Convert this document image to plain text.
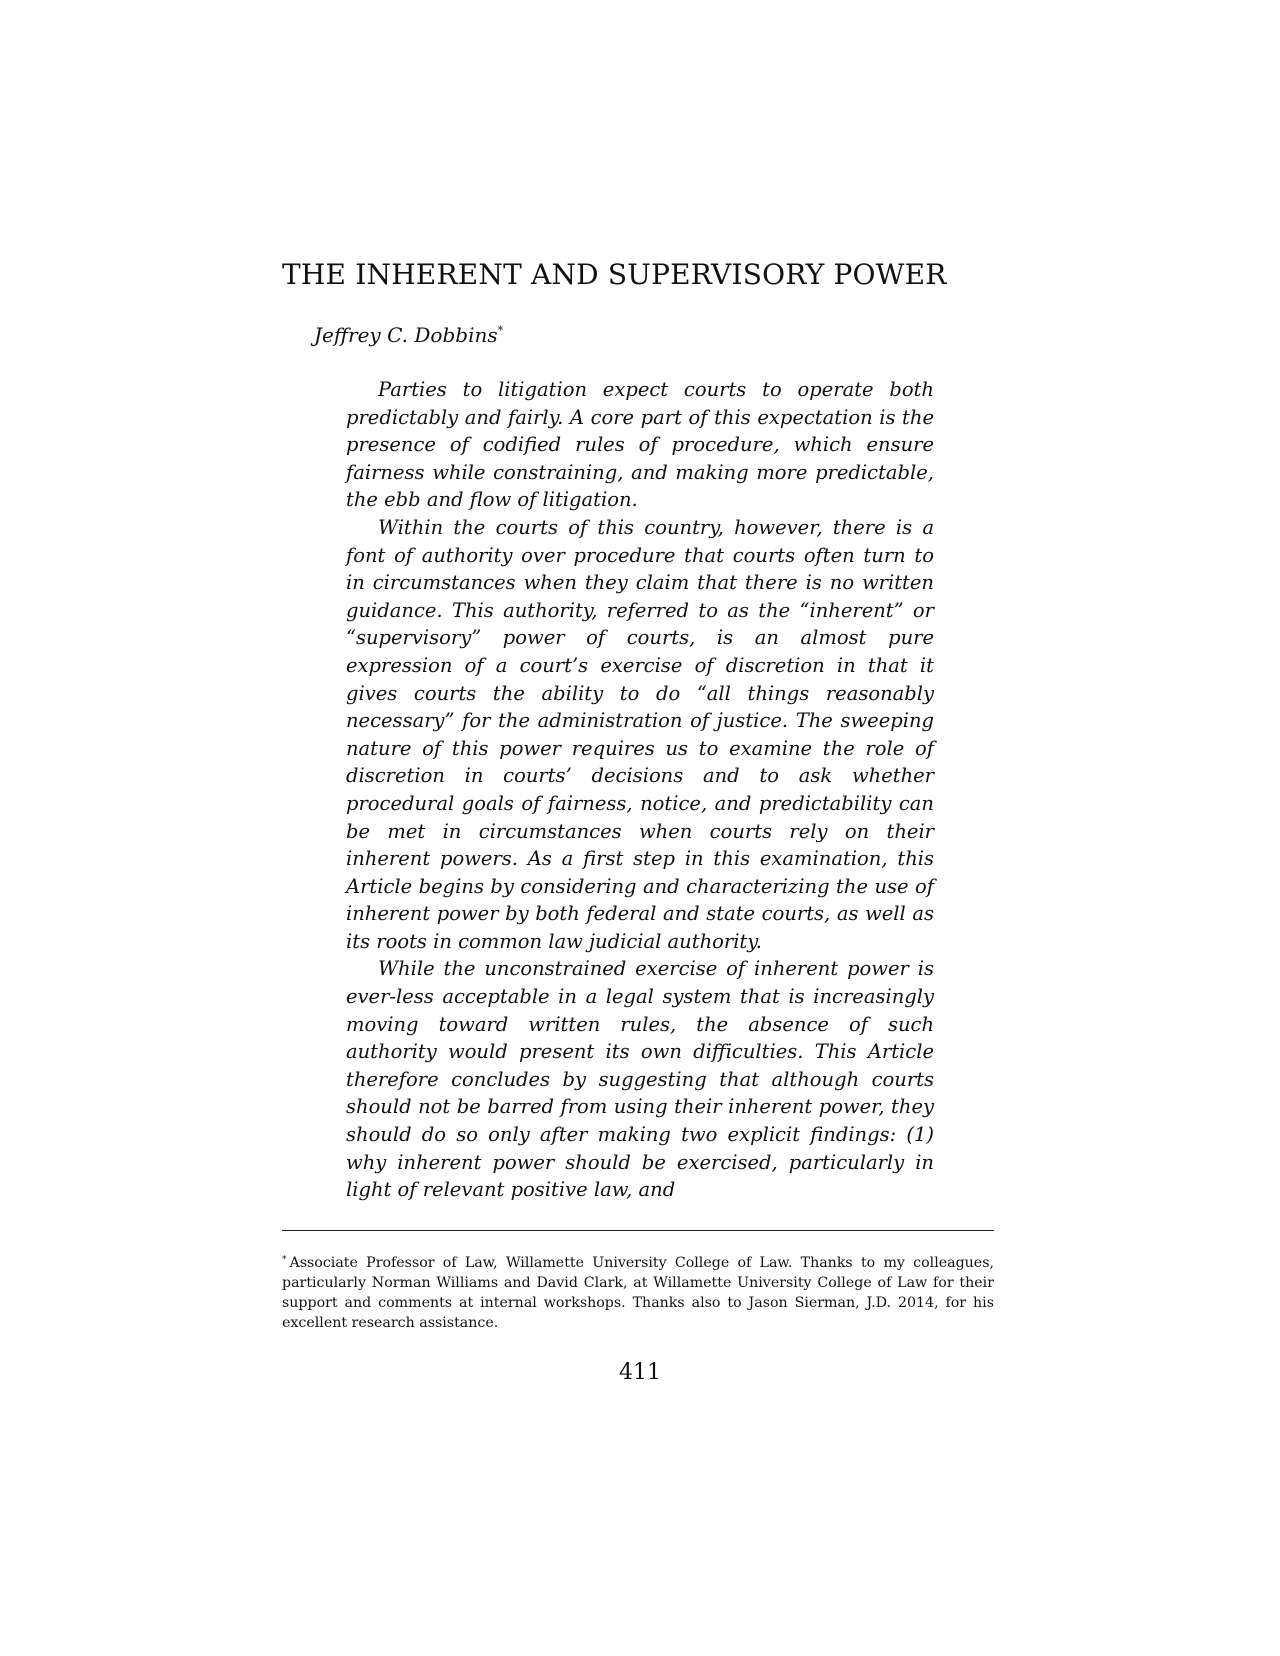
THE INHERENT AND SUPERVISORY POWER

Jeffrey C. Dobbins*

Parties to litigation expect courts to operate both predictably and fairly. A core part of this expectation is the presence of codified rules of procedure, which ensure fairness while constraining, and making more predictable, the ebb and flow of litigation.

Within the courts of this country, however, there is a font of authority over procedure that courts often turn to in circumstances when they claim that there is no written guidance. This authority, referred to as the “inherent” or “supervisory” power of courts, is an almost pure expression of a court’s exercise of discretion in that it gives courts the ability to do “all things reasonably necessary” for the administration of justice. The sweeping nature of this power requires us to examine the role of discretion in courts’ decisions and to ask whether procedural goals of fairness, notice, and predictability can be met in circumstances when courts rely on their inherent powers. As a first step in this examination, this Article begins by considering and characterizing the use of inherent power by both federal and state courts, as well as its roots in common law judicial authority.

While the unconstrained exercise of inherent power is ever-less acceptable in a legal system that is increasingly moving toward written rules, the absence of such authority would present its own difficulties. This Article therefore concludes by suggesting that although courts should not be barred from using their inherent power, they should do so only after making two explicit findings: (1) why inherent power should be exercised, particularly in light of relevant positive law, and

* Associate Professor of Law, Willamette University College of Law. Thanks to my colleagues, particularly Norman Williams and David Clark, at Willamette University College of Law for their support and comments at internal workshops. Thanks also to Jason Sierman, J.D. 2014, for his excellent research assistance.

411
